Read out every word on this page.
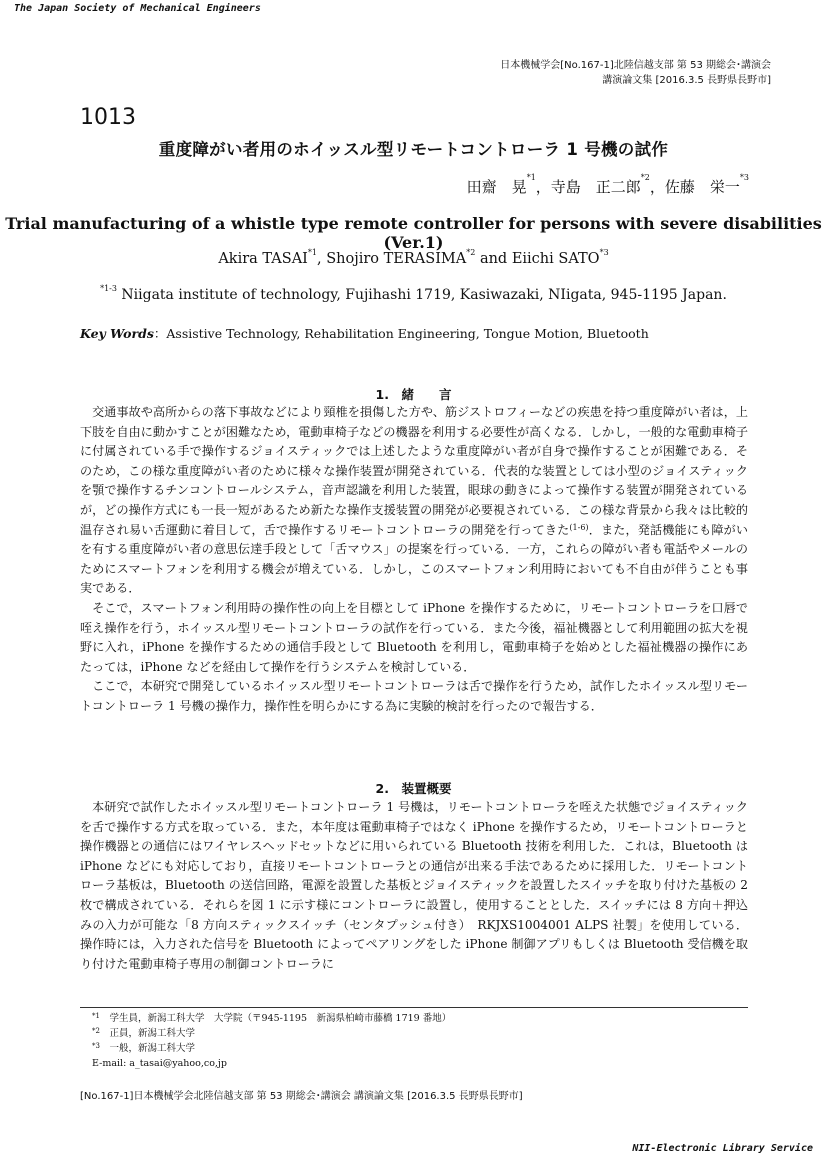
The Japan Society of Mechanical Engineers
日本機械学会[No.167-1]北陸信越支部 第 53 期総会･講演会
講演論文集 [2016.3.5 長野県長野市]
1013
重度障がい者用のホイッスル型リモートコントローラ 1 号機の試作
田齋　晃$^{*1}$，寺島　正二郎$^{*2}$，佐藤　栄一$^{*3}$
Trial manufacturing of a whistle type remote controller for persons with severe disabilities (Ver.1)
Akira TASAI$^{*1}$, Shojiro TERASIMA$^{*2}$ and Eiichi SATO$^{*3}$
$^{*1-3}$ Niigata institute of technology, Fujihashi 1719, Kasiwazaki, NIigata, 945-1195 Japan.
Key Words：Assistive Technology, Rehabilitation Engineering, Tongue Motion, Bluetooth
1.　緒　　言

交通事故や高所からの落下事故などにより頸椎を損傷した方や、筋ジストロフィーなどの疾患を持つ重度障がい者は，上下肢を自由に動かすことが困難なため，電動車椅子などの機器を利用する必要性が高くなる．しかし，一般的な電動車椅子に付属されている手で操作するジョイスティックでは上述したような重度障がい者が自身で操作することが困難である．そのため，この様な重度障がい者のために様々な操作装置が開発されている．代表的な装置としては小型のジョイスティックを顎で操作するチンコントロールシステム，音声認識を利用した装置，眼球の動きによって操作する装置が開発されているが，どの操作方式にも一長一短があるため新たな操作支援装置の開発が必要視されている．この様な背景から我々は比較的温存され易い舌運動に着目して，舌で操作するリモートコントローラの開発を行ってきた$^{(1-6)}$．また，発話機能にも障がいを有する重度障がい者の意思伝達手段として「舌マウス」の提案を行っている．一方，これらの障がい者も電話やメールのためにスマートフォンを利用する機会が増えている．しかし，このスマートフォン利用時においても不自由が伴うことも事実である．

そこで，スマートフォン利用時の操作性の向上を目標として iPhone を操作するために，リモートコントローラを口唇で咥え操作を行う，ホイッスル型リモートコントローラの試作を行っている．また今後，福祉機器として利用範囲の拡大を視野に入れ，iPhone を操作するための通信手段として Bluetooth を利用し，電動車椅子を始めとした福祉機器の操作にあたっては，iPhone などを経由して操作を行うシステムを検討している．

ここで，本研究で開発しているホイッスル型リモートコントローラは舌で操作を行うため，試作したホイッスル型リモートコントローラ 1 号機の操作力，操作性を明らかにする為に実験的検討を行ったので報告する．

2.　装置概要

本研究で試作したホイッスル型リモートコントローラ 1 号機は，リモートコントローラを咥えた状態でジョイスティックを舌で操作する方式を取っている．また，本年度は電動車椅子ではなく iPhone を操作するため，リモートコントローラと操作機器との通信にはワイヤレスヘッドセットなどに用いられている Bluetooth 技術を利用した．これは，Bluetooth は iPhone などにも対応しており，直接リモートコントローラとの通信が出来る手法であるために採用した．リモートコントローラ基板は，Bluetooth の送信回路，電源を設置した基板とジョイスティックを設置したスイッチを取り付けた基板の 2 枚で構成されている．それらを図 1 に示す様にコントローラに設置し，使用することとした．スイッチには 8 方向＋押込みの入力が可能な「8 方向スティックスイッチ（センタプッシュ付き）　RKJXS1004001 ALPS 社製」を使用している．操作時には，入力された信号を Bluetooth によってペアリングをした iPhone 制御アプリもしくは Bluetooth 受信機を取り付けた電動車椅子専用の制御コントローラに

$^{*1}$　 学生員，新潟工科大学　大学院（〒945-1195　新潟県柏崎市藤橋 1719 番地）
$^{*2}$　 正員，新潟工科大学
$^{*3}$　 一般，新潟工科大学
E-mail: a_tasai@yahoo,co,jp
[No.167-1]日本機械学会北陸信越支部 第 53 期総会･講演会 講演論文集 [2016.3.5 長野県長野市]
NII-Electronic Library Service
